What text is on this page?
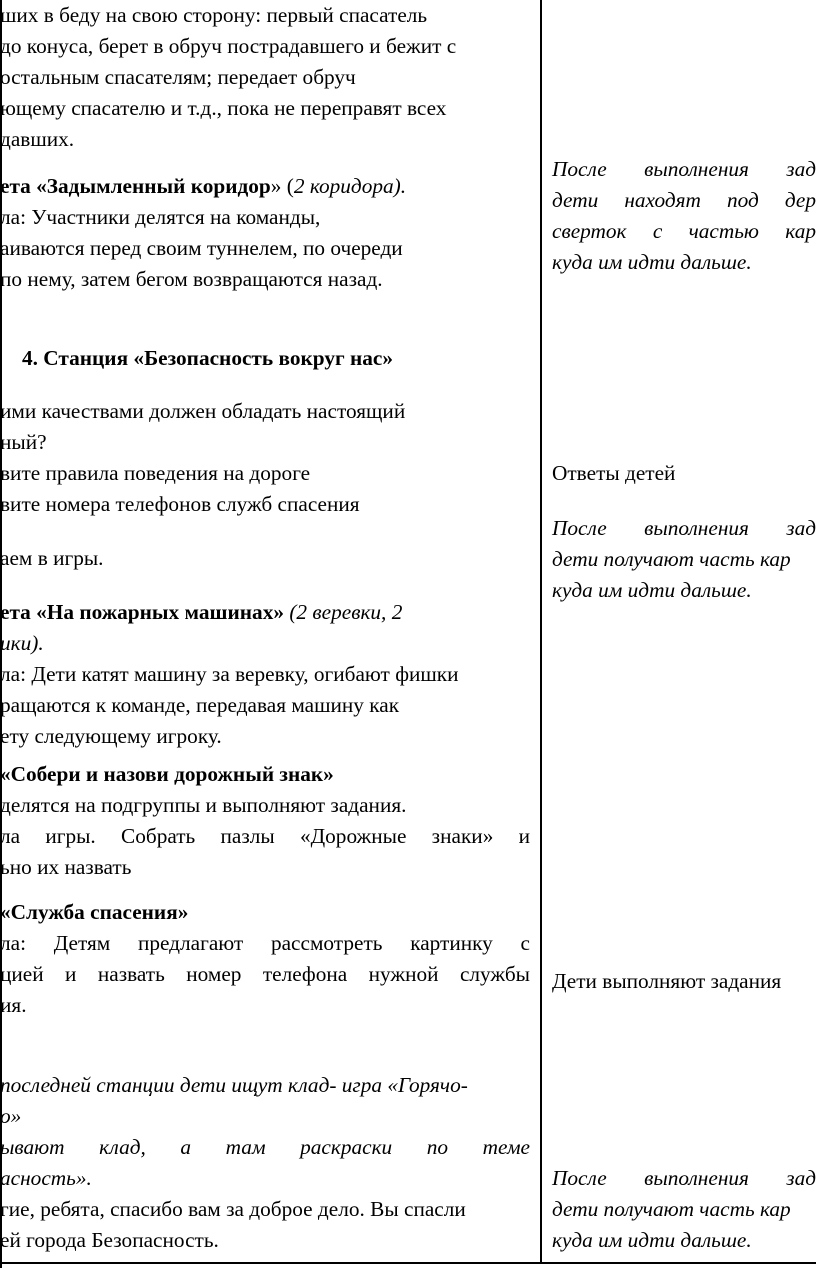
ших в беду на свою сторону: первый спасатель
до конуса, берет в обруч пострадавшего и бежит с
остальным спасателям; передает обруч
ющему спасателю и т.д., пока не переправят всех
давших.
ета «Задымленный коридор» (2 коридора).
ла: Участники делятся на команды,
аиваются перед своим туннелем, по очереди
по нему, затем бегом возвращаются назад.
4. Станция «Безопасность вокруг нас»
ими качествами должен обладать настоящий
ный?
вите правила поведения на дороге
вите номера телефонов служб спасения
аем в игры.
ета «На пожарных машинах» (2 веревки, 2
ики).
ла: Дети катят машину за веревку, огибают фишки
ращаются к команде, передавая машину как
ету следующему игроку.
«Собери и назови дорожный знак»
делятся на подгруппы и выполняют задания.
ла игры. Собрать пазлы «Дорожные знаки» и
ьно их назвать
«Служба спасения»
ла: Детям предлагают рассмотреть картинку с
цией и назвать номер телефона нужной службы
ия.
последней станции дети ищут клад- игра «Горячо-
о»
ывают клад, а там раскраски по теме
асность».
гие, ребята, спасибо вам за доброе дело. Вы спасли
ей города Безопасность.
После выполнения зад
дети находят под дер
сверток с частью кар
куда им идти дальше.
Ответы детей
После выполнения зад
дети получают часть кар
куда им идти дальше.
Дети выполняют задания
После выполнения зад
дети получают часть кар
куда им идти дальше.
